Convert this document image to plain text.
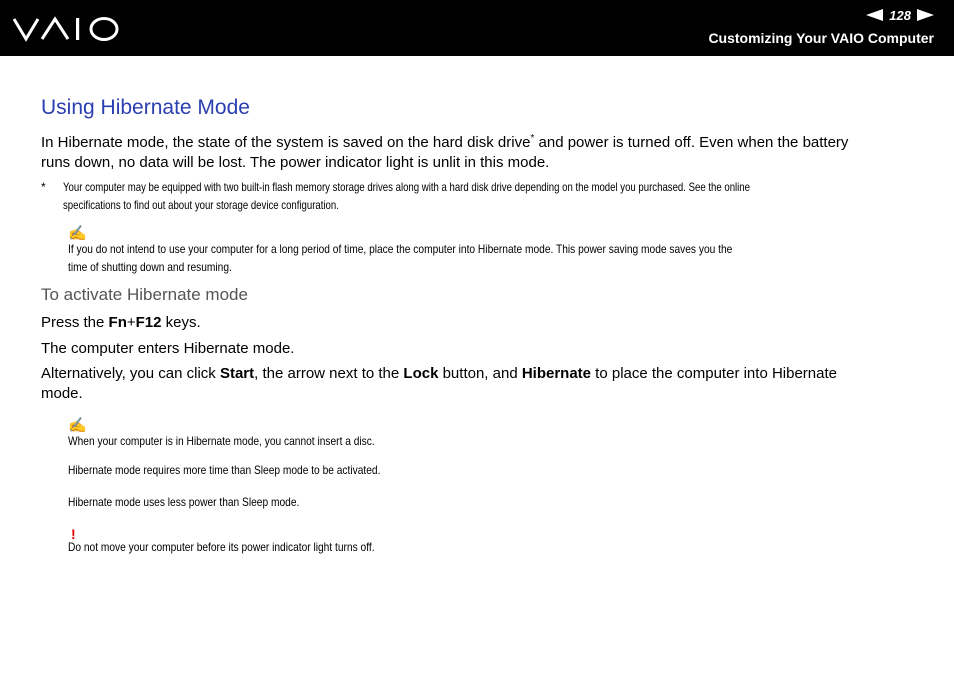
128
Customizing Your VAIO Computer
Using Hibernate Mode
In Hibernate mode, the state of the system is saved on the hard disk drive* and power is turned off. Even when the battery
runs down, no data will be lost. The power indicator light is unlit in this mode.
* Your computer may be equipped with two built-in flash memory storage drives along with a hard disk drive depending on the model you purchased. See the online
specifications to find out about your storage device configuration.
✍
If you do not intend to use your computer for a long period of time, place the computer into Hibernate mode. This power saving mode saves you the
time of shutting down and resuming.
To activate Hibernate mode
Press the Fn+F12 keys.
The computer enters Hibernate mode.
Alternatively, you can click Start, the arrow next to the Lock button, and Hibernate to place the computer into Hibernate
mode.
✍
When your computer is in Hibernate mode, you cannot insert a disc.
Hibernate mode requires more time than Sleep mode to be activated.
Hibernate mode uses less power than Sleep mode.
!
Do not move your computer before its power indicator light turns off.
